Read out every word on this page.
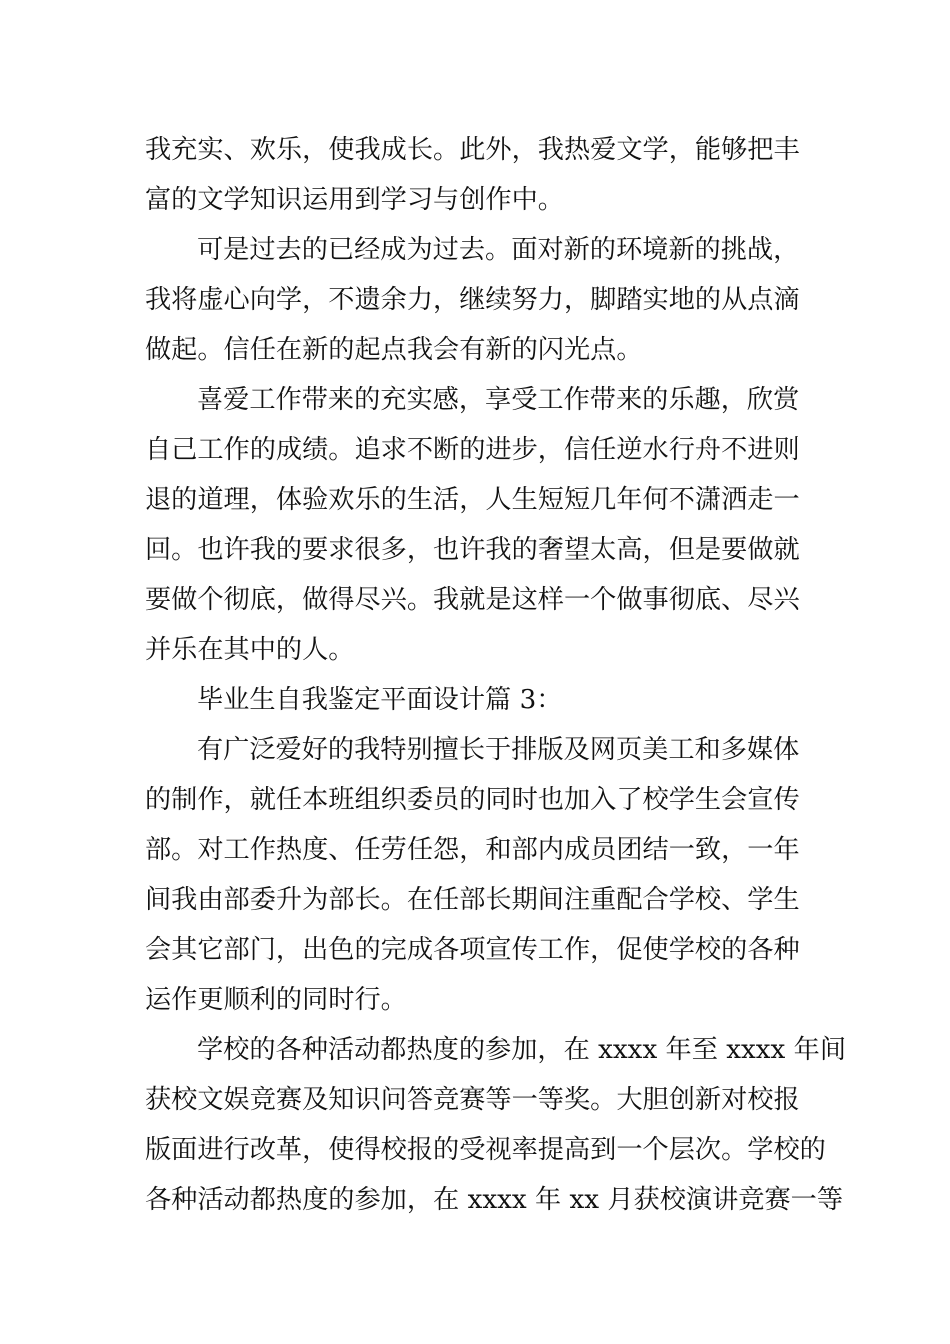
我充实、欢乐，使我成长。此外，我热爱文学，能够把丰
富的文学知识运用到学习与创作中。
可是过去的已经成为过去。面对新的环境新的挑战，
我将虚心向学，不遗余力，继续努力，脚踏实地的从点滴
做起。信任在新的起点我会有新的闪光点。
喜爱工作带来的充实感，享受工作带来的乐趣，欣赏
自己工作的成绩。追求不断的进步，信任逆水行舟不进则
退的道理，体验欢乐的生活，人生短短几年何不潇洒走一
回。也许我的要求很多，也许我的奢望太高，但是要做就
要做个彻底，做得尽兴。我就是这样一个做事彻底、尽兴
并乐在其中的人。
毕业生自我鉴定平面设计篇 3：
有广泛爱好的我特别擅长于排版及网页美工和多媒体
的制作，就任本班组织委员的同时也加入了校学生会宣传
部。对工作热度、任劳任怨，和部内成员团结一致，一年
间我由部委升为部长。在任部长期间注重配合学校、学生
会其它部门，出色的完成各项宣传工作，促使学校的各种
运作更顺利的同时行。
学校的各种活动都热度的参加，在 xxxx 年至 xxxx 年间
获校文娱竞赛及知识问答竞赛等一等奖。大胆创新对校报
版面进行改革，使得校报的受视率提高到一个层次。学校的
各种活动都热度的参加，在 xxxx 年 xx 月获校演讲竞赛一等
